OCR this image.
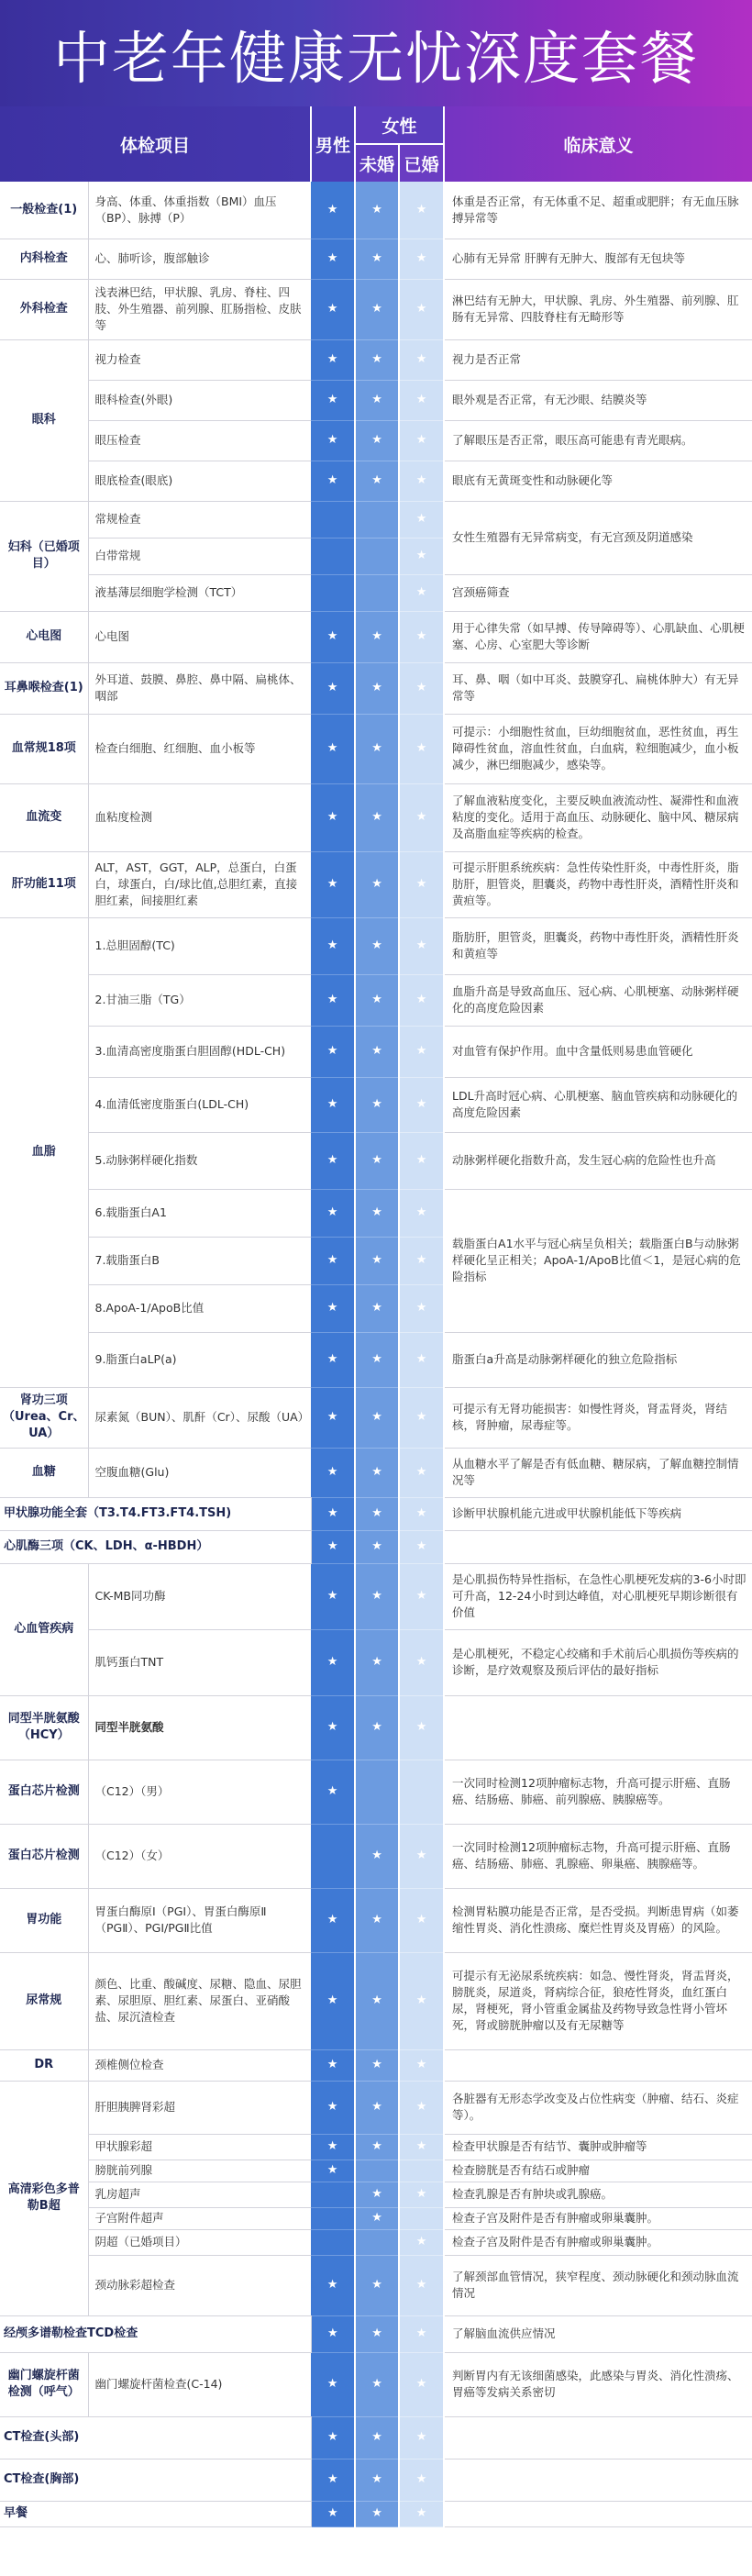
中老年健康无忧深度套餐
体检项目		男性	女性		临床意义
			未婚	已婚	
一般检查(1)	身高、体重、体重指数（BMI）血压（BP）、脉搏（P）	★	★	★	体重是否正常，有无体重不足、超重或肥胖；有无血压脉搏异常等
内科检查	心、肺听诊，腹部触诊	★	★	★	心肺有无异常 肝脾有无肿大、腹部有无包块等
外科检查	浅表淋巴结，甲状腺、乳房、脊柱、四肢、外生殖器、前列腺、肛肠指检、皮肤等	★	★	★	淋巴结有无肿大，甲状腺、乳房、外生殖器、前列腺、肛肠有无异常、四肢脊柱有无畸形等
眼科	视力检查	★	★	★	视力是否正常
	眼科检查(外眼)	★	★	★	眼外观是否正常，有无沙眼、结膜炎等
	眼压检查	★	★	★	了解眼压是否正常，眼压高可能患有青光眼病。
	眼底检查(眼底)	★	★	★	眼底有无黄斑变性和动脉硬化等
妇科（已婚项目）	常规检查			★	女性生殖器有无异常病变，有无宫颈及阴道感染
	白带常规			★	
	液基薄层细胞学检测（TCT）			★	宫颈癌筛查
心电图	心电图	★	★	★	用于心律失常（如早搏、传导障碍等）、心肌缺血、心肌梗塞、心房、心室肥大等诊断
耳鼻喉检查(1)	外耳道、鼓膜、鼻腔、鼻中隔、扁桃体、咽部	★	★	★	耳、鼻、咽（如中耳炎、鼓膜穿孔、扁桃体肿大）有无异常等
血常规18项	检查白细胞、红细胞、血小板等	★	★	★	可提示：小细胞性贫血，巨幼细胞贫血，恶性贫血，再生障碍性贫血，溶血性贫血，白血病，粒细胞减少，血小板减少，淋巴细胞减少，感染等。
血流变	血粘度检测	★	★	★	了解血液粘度变化，主要反映血液流动性、凝滞性和血液粘度的变化。适用于高血压、动脉硬化、脑中风、糖尿病及高脂血症等疾病的检查。
肝功能11项	ALT，AST，GGT，ALP，总蛋白，白蛋白，球蛋白，白/球比值,总胆红素，直接胆红素，间接胆红素	★	★	★	可提示肝胆系统疾病：急性传染性肝炎，中毒性肝炎，脂肪肝，胆管炎，胆囊炎，药物中毒性肝炎，酒精性肝炎和黄疸等。
血脂	1.总胆固醇(TC)	★	★	★	脂肪肝，胆管炎，胆囊炎，药物中毒性肝炎，酒精性肝炎和黄疸等
	2.甘油三脂（TG）	★	★	★	血脂升高是导致高血压、冠心病、心肌梗塞、动脉粥样硬化的高度危险因素
	3.血清高密度脂蛋白胆固醇(HDL-CH)	★	★	★	对血管有保护作用。血中含量低则易患血管硬化
	4.血清低密度脂蛋白(LDL-CH)	★	★	★	LDL升高时冠心病、心肌梗塞、脑血管疾病和动脉硬化的高度危险因素
	5.动脉粥样硬化指数	★	★	★	动脉粥样硬化指数升高，发生冠心病的危险性也升高
	6.载脂蛋白A1	★	★	★	载脂蛋白A1水平与冠心病呈负相关；载脂蛋白B与动脉粥样硬化呈正相关；ApoA-1/ApoB比值＜1，是冠心病的危险指标
	7.载脂蛋白B	★	★	★	
	8.ApoA-1/ApoB比值	★	★	★	
	9.脂蛋白aLP(a)	★	★	★	脂蛋白a升高是动脉粥样硬化的独立危险指标
肾功三项（Urea、Cr、UA）	尿素氮（BUN）、肌酐（Cr）、尿酸（UA）	★	★	★	可提示有无肾功能损害：如慢性肾炎，肾盂肾炎，肾结核，肾肿瘤，尿毒症等。
血糖	空腹血糖(Glu)	★	★	★	从血糖水平了解是否有低血糖、糖尿病，了解血糖控制情况等
甲状腺功能全套（T3.T4.FT3.FT4.TSH)		★	★	★	诊断甲状腺机能亢进或甲状腺机能低下等疾病
心肌酶三项（CK、LDH、α-HBDH）		★	★	★	
心血管疾病	CK-MB同功酶	★	★	★	是心肌损伤特异性指标，在急性心肌梗死发病的3-6小时即可升高，12-24小时到达峰值，对心肌梗死早期诊断很有价值
	肌钙蛋白TNT	★	★	★	是心肌梗死，不稳定心绞痛和手术前后心肌损伤等疾病的诊断，是疗效观察及预后评估的最好指标
同型半胱氨酸（HCY）	同型半胱氨酸	★	★	★	
蛋白芯片检测	（C12）（男）	★			一次同时检测12项肿瘤标志物，升高可提示肝癌、直肠癌、结肠癌、肺癌、前列腺癌、胰腺癌等。
蛋白芯片检测	（C12）（女）		★	★	一次同时检测12项肿瘤标志物，升高可提示肝癌、直肠癌、结肠癌、肺癌、乳腺癌、卵巢癌、胰腺癌等。
胃功能	胃蛋白酶原Ⅰ（PGⅠ）、胃蛋白酶原Ⅱ（PGⅡ）、PGⅠ/PGⅡ比值	★	★	★	检测胃粘膜功能是否正常，是否受损。判断患胃病（如萎缩性胃炎、消化性溃疡、糜烂性胃炎及胃癌）的风险。
尿常规	颜色、比重、酸碱度、尿糖、隐血、尿胆素、尿胆原、胆红素、尿蛋白、亚硝酸盐、尿沉渣检查	★	★	★	可提示有无泌尿系统疾病：如急、慢性肾炎，肾盂肾炎，膀胱炎，尿道炎，肾病综合征，狼疮性肾炎，血红蛋白尿，肾梗死，肾小管重金属盐及药物导致急性肾小管坏死，肾或膀胱肿瘤以及有无尿糖等
DR	颈椎侧位检查	★	★	★	
高清彩色多普勒B超	肝胆胰脾肾彩超	★	★	★	各脏器有无形态学改变及占位性病变（肿瘤、结石、炎症等）。
	甲状腺彩超	★	★	★	检查甲状腺是否有结节、囊肿或肿瘤等
	膀胱前列腺	★			检查膀胱是否有结石或肿瘤
	乳房超声		★	★	检查乳腺是否有肿块或乳腺癌。
	子宫附件超声		★		检查子宫及附件是否有肿瘤或卵巢囊肿。
	阴超（已婚项目）			★	检查子宫及附件是否有肿瘤或卵巢囊肿。
	颈动脉彩超检查	★	★	★	了解颈部血管情况，狭窄程度、颈动脉硬化和颈动脉血流情况
经颅多谱勒检查TCD检查		★	★	★	了解脑血流供应情况
幽门螺旋杆菌检测（呼气）	幽门螺旋杆菌检查(C-14)	★	★	★	判断胃内有无该细菌感染，此感染与胃炎、消化性溃疡、胃癌等发病关系密切
CT检查(头部)		★	★	★	
CT检查(胸部)		★	★	★	
早餐		★	★	★	
